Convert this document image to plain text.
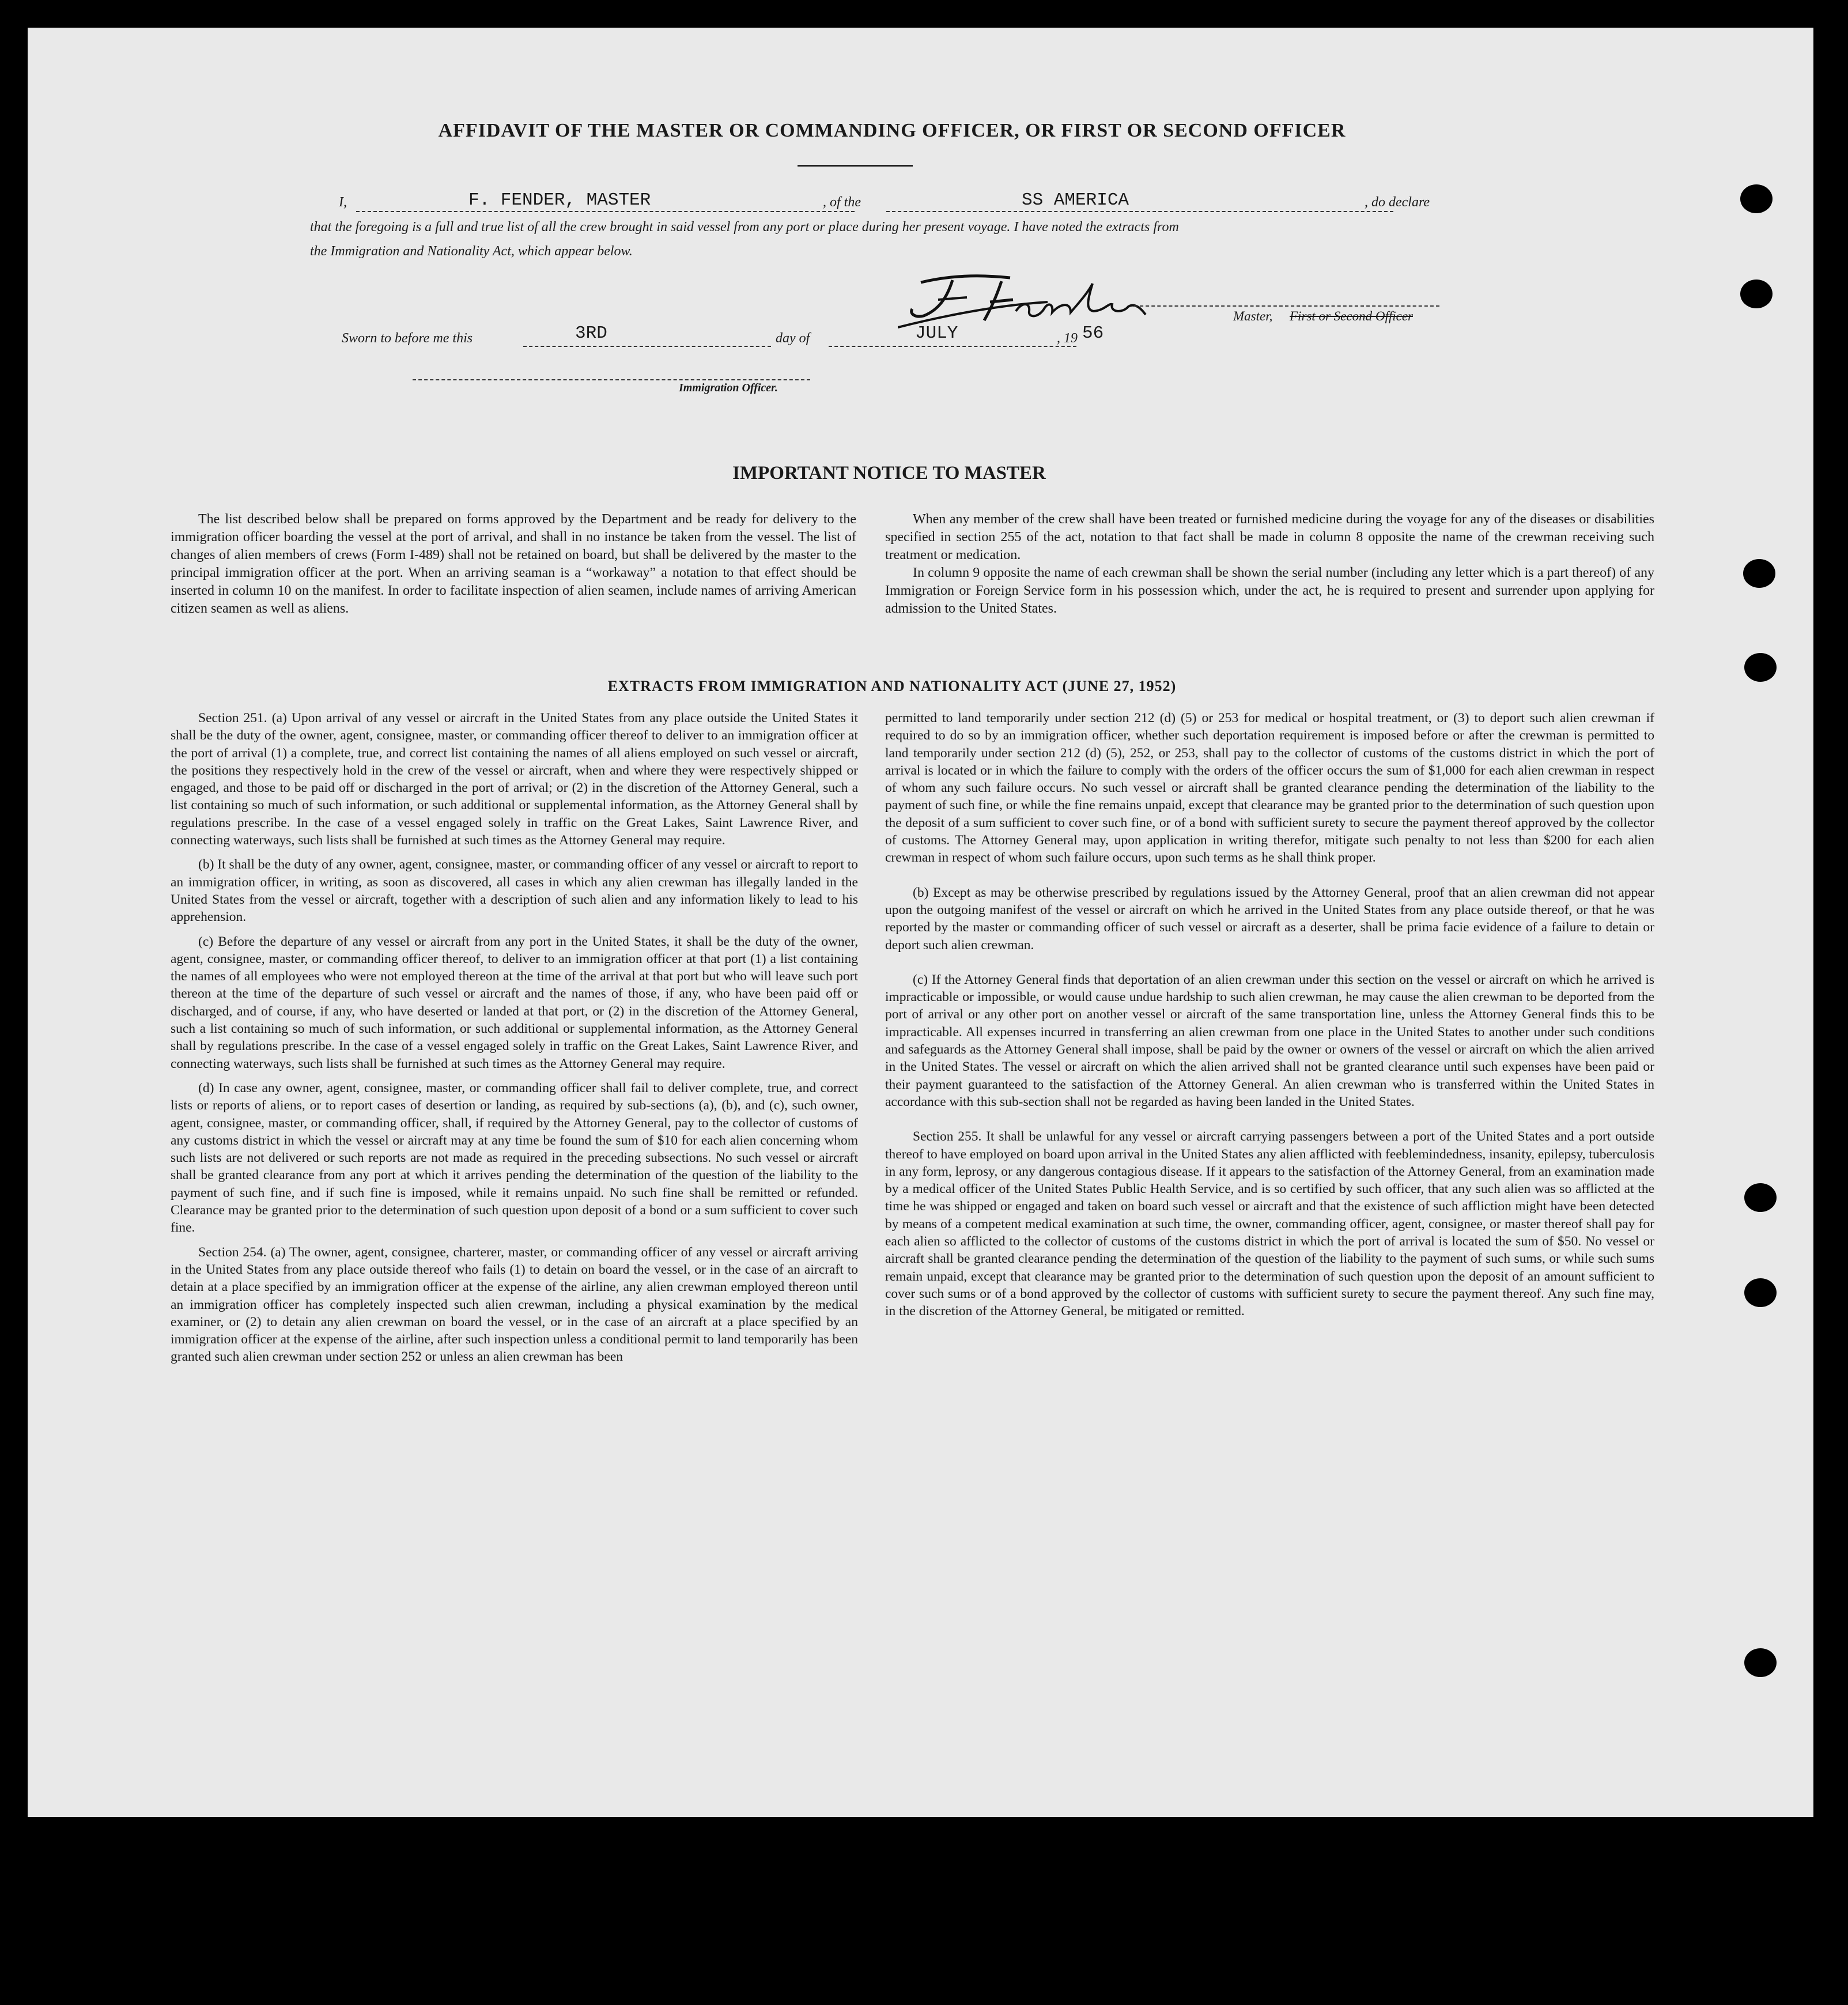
AFFIDAVIT OF THE MASTER OR COMMANDING OFFICER, OR FIRST OR SECOND OFFICER
I,	F. FENDER, MASTER	, of the	SS AMERICA	, do declare
that the foregoing is a full and true list of all the crew brought in said vessel from any port or place during her present voyage. I have noted the extracts from
the Immigration and Nationality Act, which appear below.
Master, First or Second Officer
Sworn to before me this	3RD	day of	JULY	, 19 56
Immigration Officer.
IMPORTANT NOTICE TO MASTER

The list described below shall be prepared on forms approved by the Department and be ready for delivery to the immigration officer boarding the vessel at the port of arrival, and shall in no instance be taken from the vessel. The list of changes of alien members of crews (Form I-489) shall not be retained on board, but shall be delivered by the master to the principal immigration officer at the port. When an arriving seaman is a “workaway” a notation to that effect should be inserted in column 10 on the manifest. In order to facilitate inspection of alien seamen, include names of arriving American citizen seamen as well as aliens.

When any member of the crew shall have been treated or furnished medicine during the voyage for any of the diseases or disabilities specified in section 255 of the act, notation to that fact shall be made in column 8 opposite the name of the crewman receiving such treatment or medication.

In column 9 opposite the name of each crewman shall be shown the serial number (including any letter which is a part thereof) of any Immigration or Foreign Service form in his possession which, under the act, he is required to present and surrender upon applying for admission to the United States.

EXTRACTS FROM IMMIGRATION AND NATIONALITY ACT (JUNE 27, 1952)

Section 251. (a) Upon arrival of any vessel or aircraft in the United States from any place outside the United States it shall be the duty of the owner, agent, consignee, master, or commanding officer thereof to deliver to an immigration officer at the port of arrival (1) a complete, true, and correct list containing the names of all aliens employed on such vessel or aircraft, the positions they respectively hold in the crew of the vessel or aircraft, when and where they were respectively shipped or engaged, and those to be paid off or discharged in the port of arrival; or (2) in the discretion of the Attorney General, such a list containing so much of such information, or such additional or supplemental information, as the Attorney General shall by regulations prescribe. In the case of a vessel engaged solely in traffic on the Great Lakes, Saint Lawrence River, and connecting waterways, such lists shall be furnished at such times as the Attorney General may require.

(b) It shall be the duty of any owner, agent, consignee, master, or commanding officer of any vessel or aircraft to report to an immigration officer, in writing, as soon as discovered, all cases in which any alien crewman has illegally landed in the United States from the vessel or aircraft, together with a description of such alien and any information likely to lead to his apprehension.

(c) Before the departure of any vessel or aircraft from any port in the United States, it shall be the duty of the owner, agent, consignee, master, or commanding officer thereof, to deliver to an immigration officer at that port (1) a list containing the names of all employees who were not employed thereon at the time of the arrival at that port but who will leave such port thereon at the time of the departure of such vessel or aircraft and the names of those, if any, who have been paid off or discharged, and of course, if any, who have deserted or landed at that port, or (2) in the discretion of the Attorney General, such a list containing so much of such information, or such additional or supplemental information, as the Attorney General shall by regulations prescribe. In the case of a vessel engaged solely in traffic on the Great Lakes, Saint Lawrence River, and connecting waterways, such lists shall be furnished at such times as the Attorney General may require.

(d) In case any owner, agent, consignee, master, or commanding officer shall fail to deliver complete, true, and correct lists or reports of aliens, or to report cases of desertion or landing, as required by sub-sections (a), (b), and (c), such owner, agent, consignee, master, or commanding officer, shall, if required by the Attorney General, pay to the collector of customs of any customs district in which the vessel or aircraft may at any time be found the sum of $10 for each alien concerning whom such lists are not delivered or such reports are not made as required in the preceding subsections. No such vessel or aircraft shall be granted clearance from any port at which it arrives pending the determination of the question of the liability to the payment of such fine, and if such fine is imposed, while it remains unpaid. No such fine shall be remitted or refunded. Clearance may be granted prior to the determination of such question upon deposit of a bond or a sum sufficient to cover such fine.

Section 254. (a) The owner, agent, consignee, charterer, master, or commanding officer of any vessel or aircraft arriving in the United States from any place outside thereof who fails (1) to detain on board the vessel, or in the case of an aircraft to detain at a place specified by an immigration officer at the expense of the airline, any alien crewman employed thereon until an immigration officer has completely inspected such alien crewman, including a physical examination by the medical examiner, or (2) to detain any alien crewman on board the vessel, or in the case of an aircraft at a place specified by an immigration officer at the expense of the airline, after such inspection unless a conditional permit to land temporarily has been granted such alien crewman under section 252 or unless an alien crewman has been

permitted to land temporarily under section 212 (d) (5) or 253 for medical or hospital treatment, or (3) to deport such alien crewman if required to do so by an immigration officer, whether such deportation requirement is imposed before or after the crewman is permitted to land temporarily under section 212 (d) (5), 252, or 253, shall pay to the collector of customs of the customs district in which the port of arrival is located or in which the failure to comply with the orders of the officer occurs the sum of $1,000 for each alien crewman in respect of whom any such failure occurs. No such vessel or aircraft shall be granted clearance pending the determination of the liability to the payment of such fine, or while the fine remains unpaid, except that clearance may be granted prior to the determination of such question upon the deposit of a sum sufficient to cover such fine, or of a bond with sufficient surety to secure the payment thereof approved by the collector of customs. The Attorney General may, upon application in writing therefor, mitigate such penalty to not less than $200 for each alien crewman in respect of whom such failure occurs, upon such terms as he shall think proper.

(b) Except as may be otherwise prescribed by regulations issued by the Attorney General, proof that an alien crewman did not appear upon the outgoing manifest of the vessel or aircraft on which he arrived in the United States from any place outside thereof, or that he was reported by the master or commanding officer of such vessel or aircraft as a deserter, shall be prima facie evidence of a failure to detain or deport such alien crewman.

(c) If the Attorney General finds that deportation of an alien crewman under this section on the vessel or aircraft on which he arrived is impracticable or impossible, or would cause undue hardship to such alien crewman, he may cause the alien crewman to be deported from the port of arrival or any other port on another vessel or aircraft of the same transportation line, unless the Attorney General finds this to be impracticable. All expenses incurred in transferring an alien crewman from one place in the United States to another under such conditions and safeguards as the Attorney General shall impose, shall be paid by the owner or owners of the vessel or aircraft on which the alien arrived in the United States. The vessel or aircraft on which the alien arrived shall not be granted clearance until such expenses have been paid or their payment guaranteed to the satisfaction of the Attorney General. An alien crewman who is transferred within the United States in accordance with this sub-section shall not be regarded as having been landed in the United States.

Section 255. It shall be unlawful for any vessel or aircraft carrying passengers between a port of the United States and a port outside thereof to have employed on board upon arrival in the United States any alien afflicted with feeblemindedness, insanity, epilepsy, tuberculosis in any form, leprosy, or any dangerous contagious disease. If it appears to the satisfaction of the Attorney General, from an examination made by a medical officer of the United States Public Health Service, and is so certified by such officer, that any such alien was so afflicted at the time he was shipped or engaged and taken on board such vessel or aircraft and that the existence of such affliction might have been detected by means of a competent medical examination at such time, the owner, commanding officer, agent, consignee, or master thereof shall pay for each alien so afflicted to the collector of customs of the customs district in which the port of arrival is located the sum of $50. No vessel or aircraft shall be granted clearance pending the determination of the question of the liability to the payment of such sums, or while such sums remain unpaid, except that clearance may be granted prior to the determination of such question upon the deposit of an amount sufficient to cover such sums or of a bond approved by the collector of customs with sufficient surety to secure the payment thereof. Any such fine may, in the discretion of the Attorney General, be mitigated or remitted.
